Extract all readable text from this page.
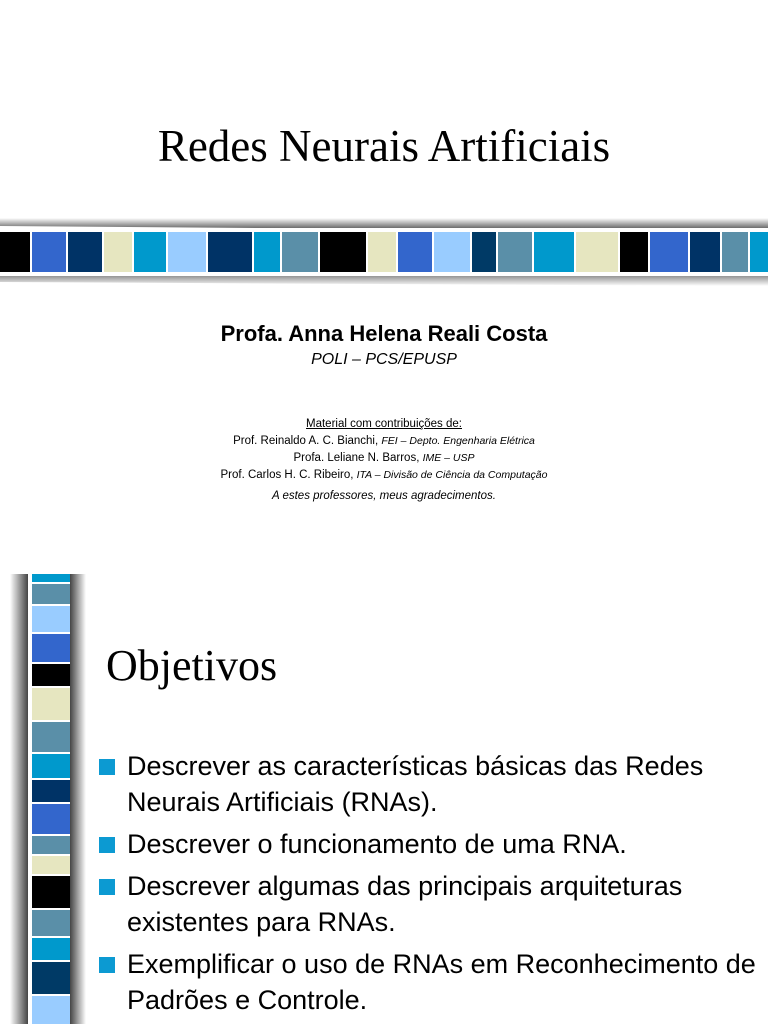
Redes Neurais Artificiais
Profa. Anna Helena Reali Costa
POLI – PCS/EPUSP
Material com contribuições de:
Prof. Reinaldo A. C. Bianchi, FEI – Depto. Engenharia Elétrica
Profa. Leliane N. Barros, IME – USP
Prof. Carlos H. C. Ribeiro, ITA – Divisão de Ciência da Computação
A estes professores, meus agradecimentos.
Objetivos
Descrever as características básicas das Redes Neurais Artificiais (RNAs).
Descrever o funcionamento de uma RNA.
Descrever algumas das principais arquiteturas existentes para RNAs.
Exemplificar o uso de RNAs em Reconhecimento de Padrões e Controle.
